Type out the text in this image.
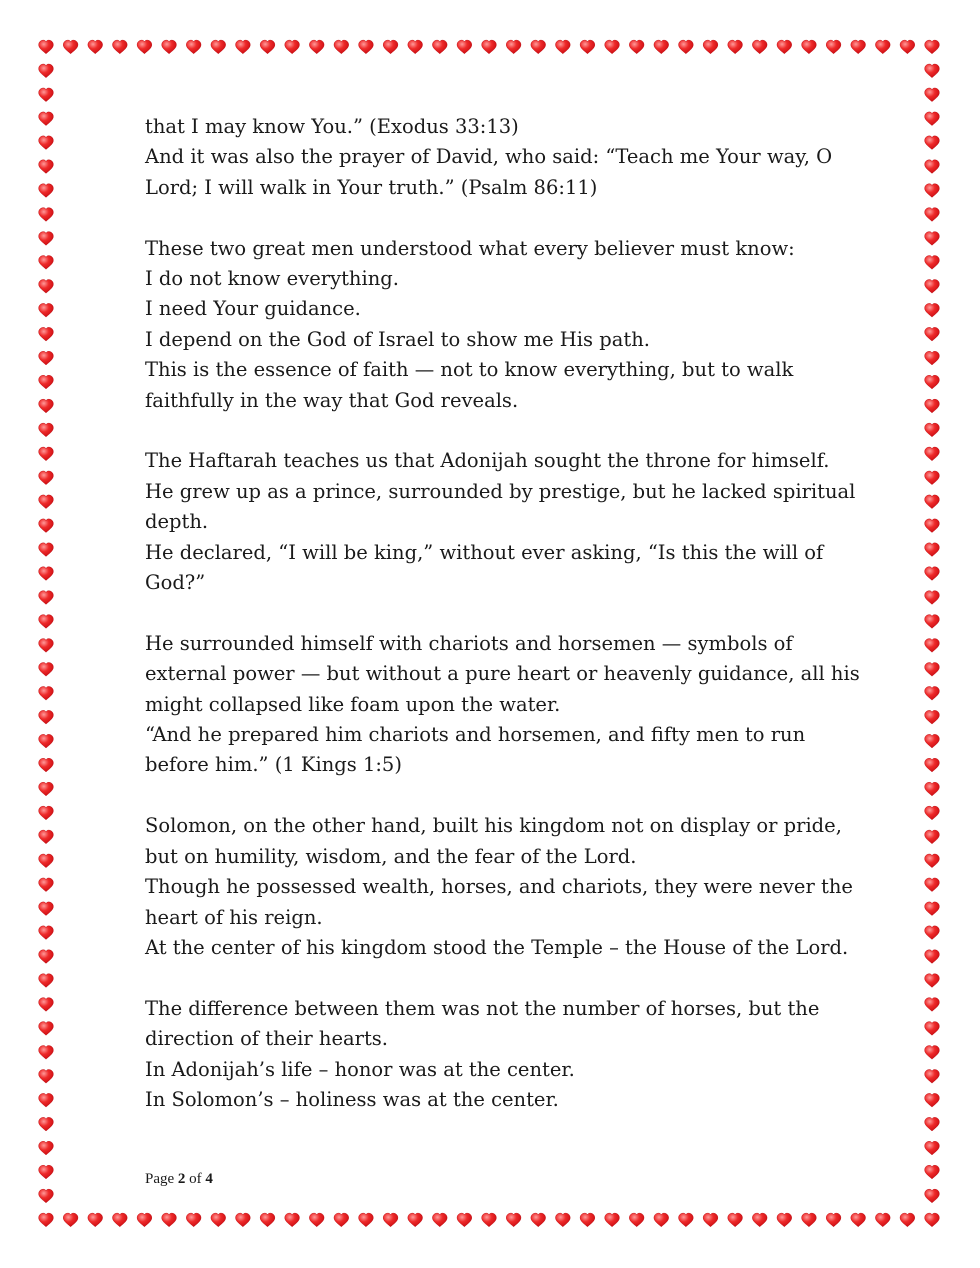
that I may know You.” (Exodus 33:13)
And it was also the prayer of David, who said: “Teach me Your way, O
Lord; I will walk in Your truth.” (Psalm 86:11)
These two great men understood what every believer must know:
I do not know everything.
I need Your guidance.
I depend on the God of Israel to show me His path.
This is the essence of faith — not to know everything, but to walk
faithfully in the way that God reveals.
The Haftarah teaches us that Adonijah sought the throne for himself.
He grew up as a prince, surrounded by prestige, but he lacked spiritual
depth.
He declared, “I will be king,” without ever asking, “Is this the will of
God?”
He surrounded himself with chariots and horsemen — symbols of
external power — but without a pure heart or heavenly guidance, all his
might collapsed like foam upon the water.
“And he prepared him chariots and horsemen, and fifty men to run
before him.” (1 Kings 1:5)
Solomon, on the other hand, built his kingdom not on display or pride,
but on humility, wisdom, and the fear of the Lord.
Though he possessed wealth, horses, and chariots, they were never the
heart of his reign.
At the center of his kingdom stood the Temple – the House of the Lord.
The difference between them was not the number of horses, but the
direction of their hearts.
In Adonijah’s life – honor was at the center.
In Solomon’s – holiness was at the center.
Page 2 of 4
